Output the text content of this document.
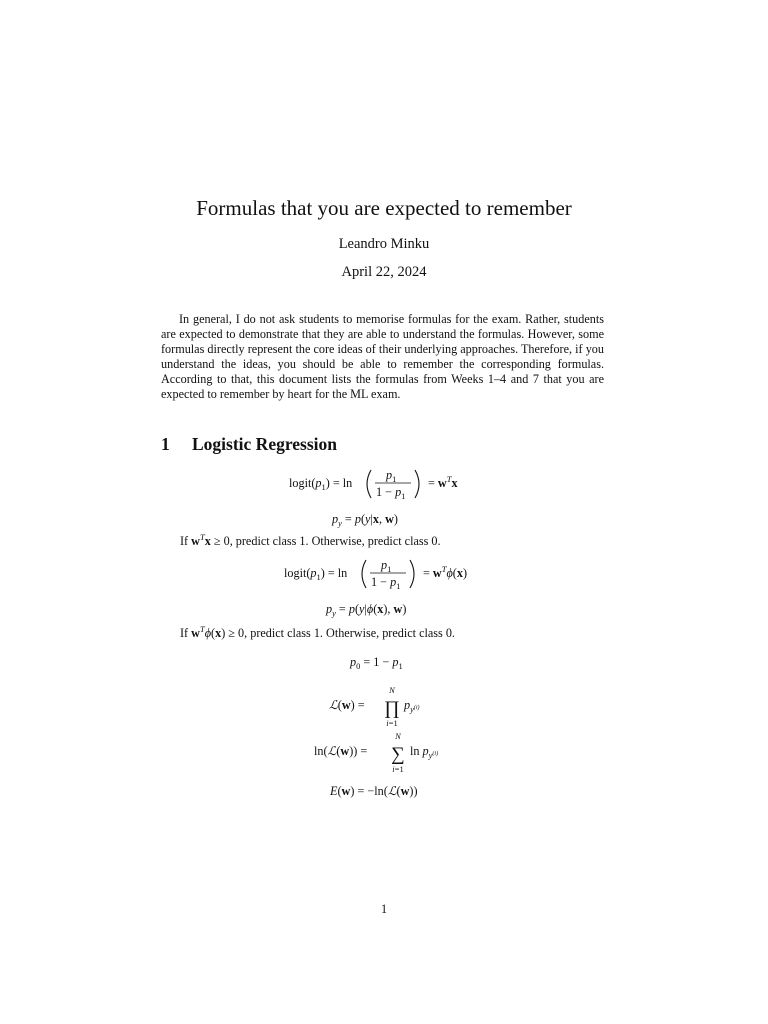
Formulas that you are expected to remember
Leandro Minku
April 22, 2024
In general, I do not ask students to memorise formulas for the exam. Rather, students are expected to demonstrate that they are able to understand the formulas. However, some formulas directly represent the core ideas of their underlying approaches. Therefore, if you understand the ideas, you should be able to remember the corresponding formulas. According to that, this document lists the formulas from Weeks 1–4 and 7 that you are expected to remember by heart for the ML exam.
1 Logistic Regression
$logit(p_1) = \ln$
$p_1$
$1 - p_1$
= $w^Tx$
$p_y = p(y|x$, w)
If $w^Tx \ge 0$, predict class 1. Otherwise, predict class 0.
$logit(p_1) = \ln$
$p_1$
$1 - p_1$
= $w^T\phi(x)$
$p_y = p(y|\phi(x)$, w)
If $w^T\phi(x) \ge 0$, predict class 1. Otherwise, predict class 0.
$p_0 = 1 - p_1$
ℒ(w) =
N
∏
i=1
$p_y^{(i)}$
ln(ℒ(w)) =
N
∑
i=1
$\ln p_y^{(i)}$
E(w) = −ln(ℒ(w))
1
